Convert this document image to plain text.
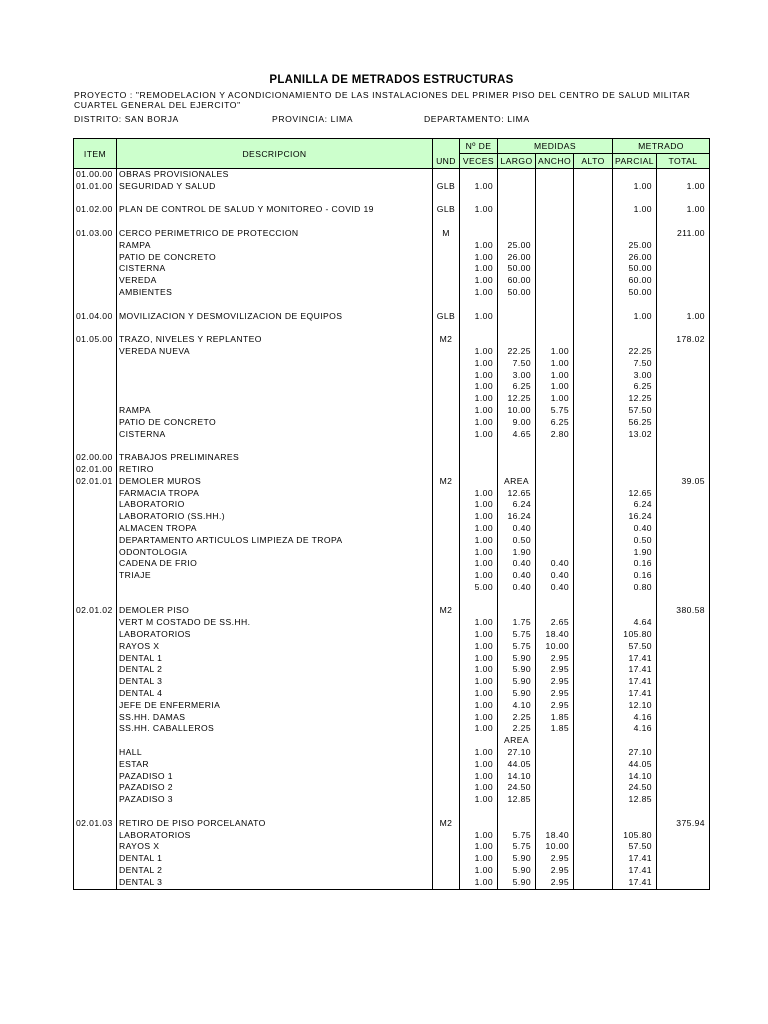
PLANILLA DE METRADOS ESTRUCTURAS
PROYECTO : "REMODELACION Y ACONDICIONAMIENTO DE LAS INSTALACIONES DEL PRIMER PISO DEL CENTRO DE SALUD MILITAR CUARTEL GENERAL DEL EJERCITO"
DISTRITO: SAN BORJA	PROVINCIA: LIMA	DEPARTAMENTO: LIMA
ITEM	DESCRIPCION	UND	Nº DE	MEDIDAS			METRADO	
			VECES	LARGO	ANCHO	ALTO	PARCIAL	TOTAL
01.00.00	OBRAS PROVISIONALES							
01.01.00	SEGURIDAD Y SALUD	GLB	1.00				1.00	1.00

01.02.00	PLAN DE CONTROL DE SALUD Y MONITOREO - COVID 19	GLB	1.00				1.00	1.00

01.03.00	CERCO PERIMETRICO DE PROTECCION	M						211.00
	RAMPA		1.00	25.00			25.00	
	PATIO DE CONCRETO		1.00	26.00			26.00	
	CISTERNA		1.00	50.00			50.00	
	VEREDA		1.00	60.00			60.00	
	AMBIENTES		1.00	50.00			50.00	

01.04.00	MOVILIZACION Y DESMOVILIZACION DE EQUIPOS	GLB	1.00				1.00	1.00

01.05.00	TRAZO, NIVELES Y REPLANTEO	M2						178.02
	VEREDA NUEVA		1.00	22.25	1.00		22.25	
			1.00	7.50	1.00		7.50	
			1.00	3.00	1.00		3.00	
			1.00	6.25	1.00		6.25	
			1.00	12.25	1.00		12.25	
	RAMPA		1.00	10.00	5.75		57.50	
	PATIO DE CONCRETO		1.00	9.00	6.25		56.25	
	CISTERNA		1.00	4.65	2.80		13.02	

02.00.00	TRABAJOS PRELIMINARES							
02.01.00	RETIRO							
02.01.01	DEMOLER MUROS	M2		AREA				39.05
	FARMACIA TROPA		1.00	12.65			12.65	
	LABORATORIO		1.00	6.24			6.24	
	LABORATORIO (SS.HH.)		1.00	16.24			16.24	
	ALMACEN TROPA		1.00	0.40			0.40	
	DEPARTAMENTO ARTICULOS LIMPIEZA DE TROPA		1.00	0.50			0.50	
	ODONTOLOGIA		1.00	1.90			1.90	
	CADENA DE FRIO		1.00	0.40	0.40		0.16	
	TRIAJE		1.00	0.40	0.40		0.16	
			5.00	0.40	0.40		0.80	

02.01.02	DEMOLER PISO	M2						380.58
	VERT M COSTADO DE SS.HH.		1.00	1.75	2.65		4.64	
	LABORATORIOS		1.00	5.75	18.40		105.80	
	RAYOS X		1.00	5.75	10.00		57.50	
	DENTAL 1		1.00	5.90	2.95		17.41	
	DENTAL 2		1.00	5.90	2.95		17.41	
	DENTAL 3		1.00	5.90	2.95		17.41	
	DENTAL 4		1.00	5.90	2.95		17.41	
	JEFE DE ENFERMERIA		1.00	4.10	2.95		12.10	
	SS.HH. DAMAS		1.00	2.25	1.85		4.16	
	SS.HH. CABALLEROS		1.00	2.25	1.85		4.16	
				AREA				
	HALL		1.00	27.10			27.10	
	ESTAR		1.00	44.05			44.05	
	PAZADISO 1		1.00	14.10			14.10	
	PAZADISO 2		1.00	24.50			24.50	
	PAZADISO 3		1.00	12.85			12.85	

02.01.03	RETIRO DE PISO PORCELANATO	M2						375.94
	LABORATORIOS		1.00	5.75	18.40		105.80	
	RAYOS X		1.00	5.75	10.00		57.50	
	DENTAL 1		1.00	5.90	2.95		17.41	
	DENTAL 2		1.00	5.90	2.95		17.41	
	DENTAL 3		1.00	5.90	2.95		17.41	
